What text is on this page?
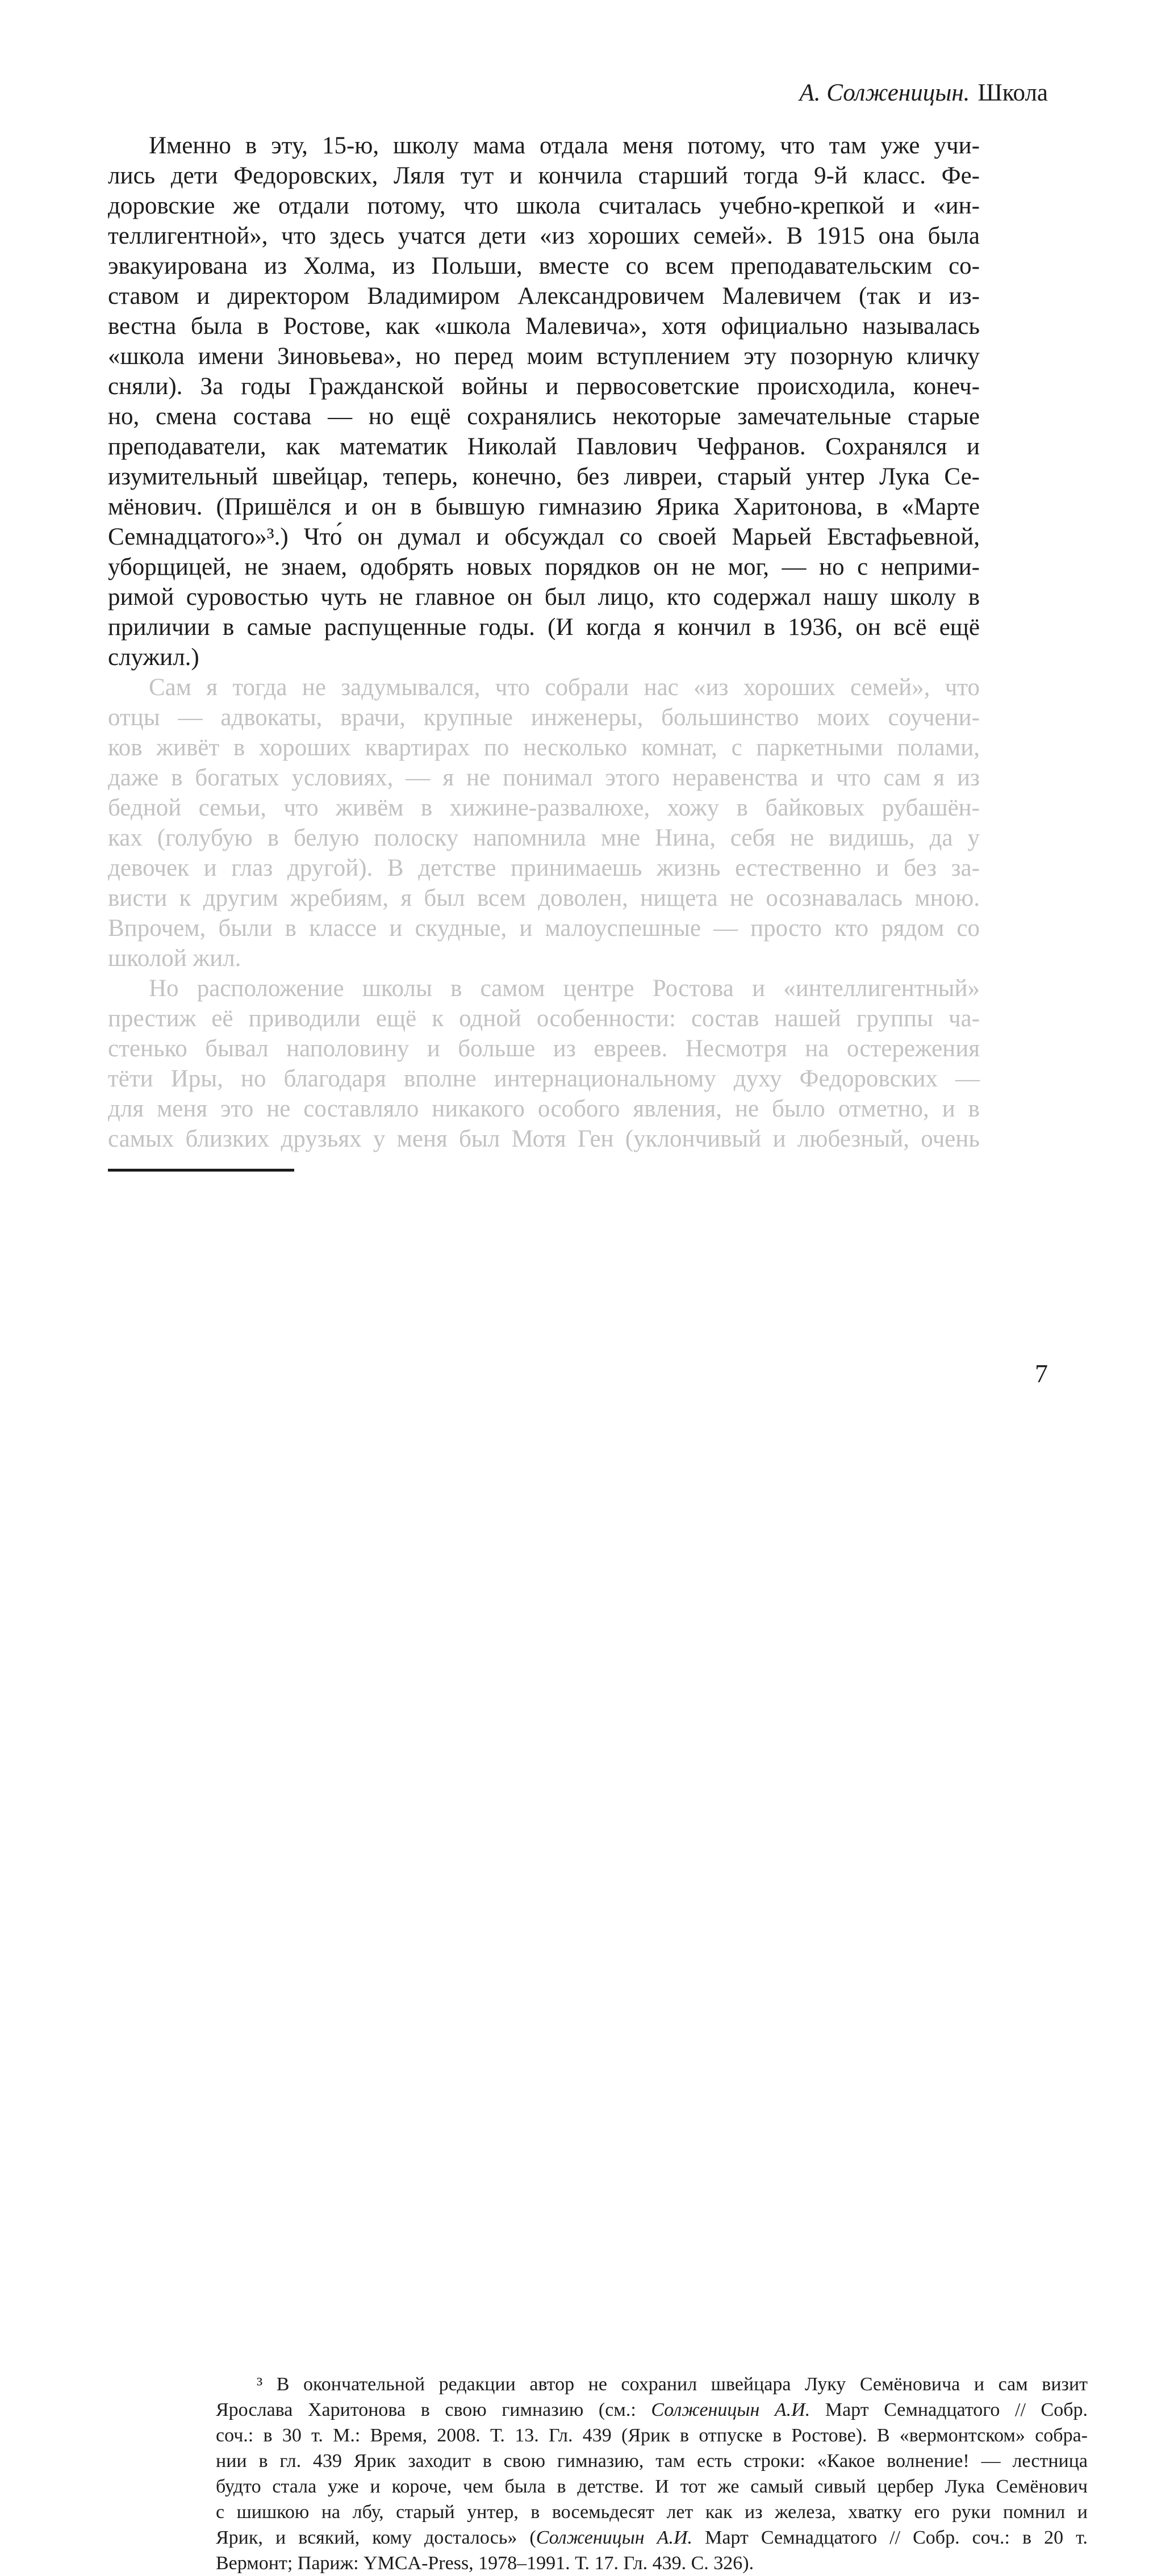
А. Солженицын. Школа
Именно в эту, 15-ю, школу мама отдала меня потому, что там уже учи-
лись дети Федоровских, Ляля тут и кончила старший тогда 9-й класс. Фе-
доровские же отдали потому, что школа считалась учебно-крепкой и «ин-
теллигентной», что здесь учатся дети «из хороших семей». В 1915 она была
эвакуирована из Холма, из Польши, вместе со всем преподавательским со-
ставом и директором Владимиром Александровичем Малевичем (так и из-
вестна была в Ростове, как «школа Малевича», хотя официально называлась
«школа имени Зиновьева», но перед моим вступлением эту позорную кличку
сняли). За годы Гражданской войны и первосоветские происходила, конеч-
но, смена состава — но ещё сохранялись некоторые замечательные старые
преподаватели, как математик Николай Павлович Чефранов. Сохранялся и
изумительный швейцар, теперь, конечно, без ливреи, старый унтер Лука Се-
мёнович. (Пришёлся и он в бывшую гимназию Ярика Харитонова, в «Марте
Семнадцатого»³.) Что́ он думал и обсуждал со своей Марьей Евстафьевной,
уборщицей, не знаем, одобрять новых порядков он не мог, — но с неприми-
римой суровостью чуть не главное он был лицо, кто содержал нашу школу в
приличии в самые распущенные годы. (И когда я кончил в 1936, он всё ещё
служил.)
Сам я тогда не задумывался, что собрали нас «из хороших семей», что
отцы — адвокаты, врачи, крупные инженеры, большинство моих соучени-
ков живёт в хороших квартирах по несколько комнат, с паркетными полами,
даже в богатых условиях, — я не понимал этого неравенства и что сам я из
бедной семьи, что живём в хижине-развалюхе, хожу в байковых рубашён-
ках (голубую в белую полоску напомнила мне Нина, себя не видишь, да у
девочек и глаз другой). В детстве принимаешь жизнь естественно и без за-
висти к другим жребиям, я был всем доволен, нищета не осознавалась мною.
Впрочем, были в классе и скудные, и малоуспешные — просто кто рядом со
школой жил.
Но расположение школы в самом центре Ростова и «интеллигентный»
престиж её приводили ещё к одной особенности: состав нашей группы ча-
стенько бывал наполовину и больше из евреев. Несмотря на остережения
тёти Иры, но благодаря вполне интернациональному духу Федоровских —
для меня это не составляло никакого особого явления, не было отметно, и в
самых близких друзьях у меня был Мотя Ген (уклончивый и любезный, очень
³ В окончательной редакции автор не сохранил швейцара Луку Семёновича и сам визит
Ярослава Харитонова в свою гимназию (см.: Солженицын А.И. Март Семнадцатого // Собр.
соч.: в 30 т. М.: Время, 2008. Т. 13. Гл. 439 (Ярик в отпуске в Ростове). В «вермонтском» собра-
нии в гл. 439 Ярик заходит в свою гимназию, там есть строки: «Какое волнение! — лестница
будто стала уже и короче, чем была в детстве. И тот же самый сивый цербер Лука Семёнович
с шишкою на лбу, старый унтер, в восемьдесят лет как из железа, хватку его руки помнил и
Ярик, и всякий, кому досталось» (Солженицын А.И. Март Семнадцатого // Собр. соч.: в 20 т.
Вермонт; Париж: YMCA-Press, 1978–1991. Т. 17. Гл. 439. С. 326).
7
